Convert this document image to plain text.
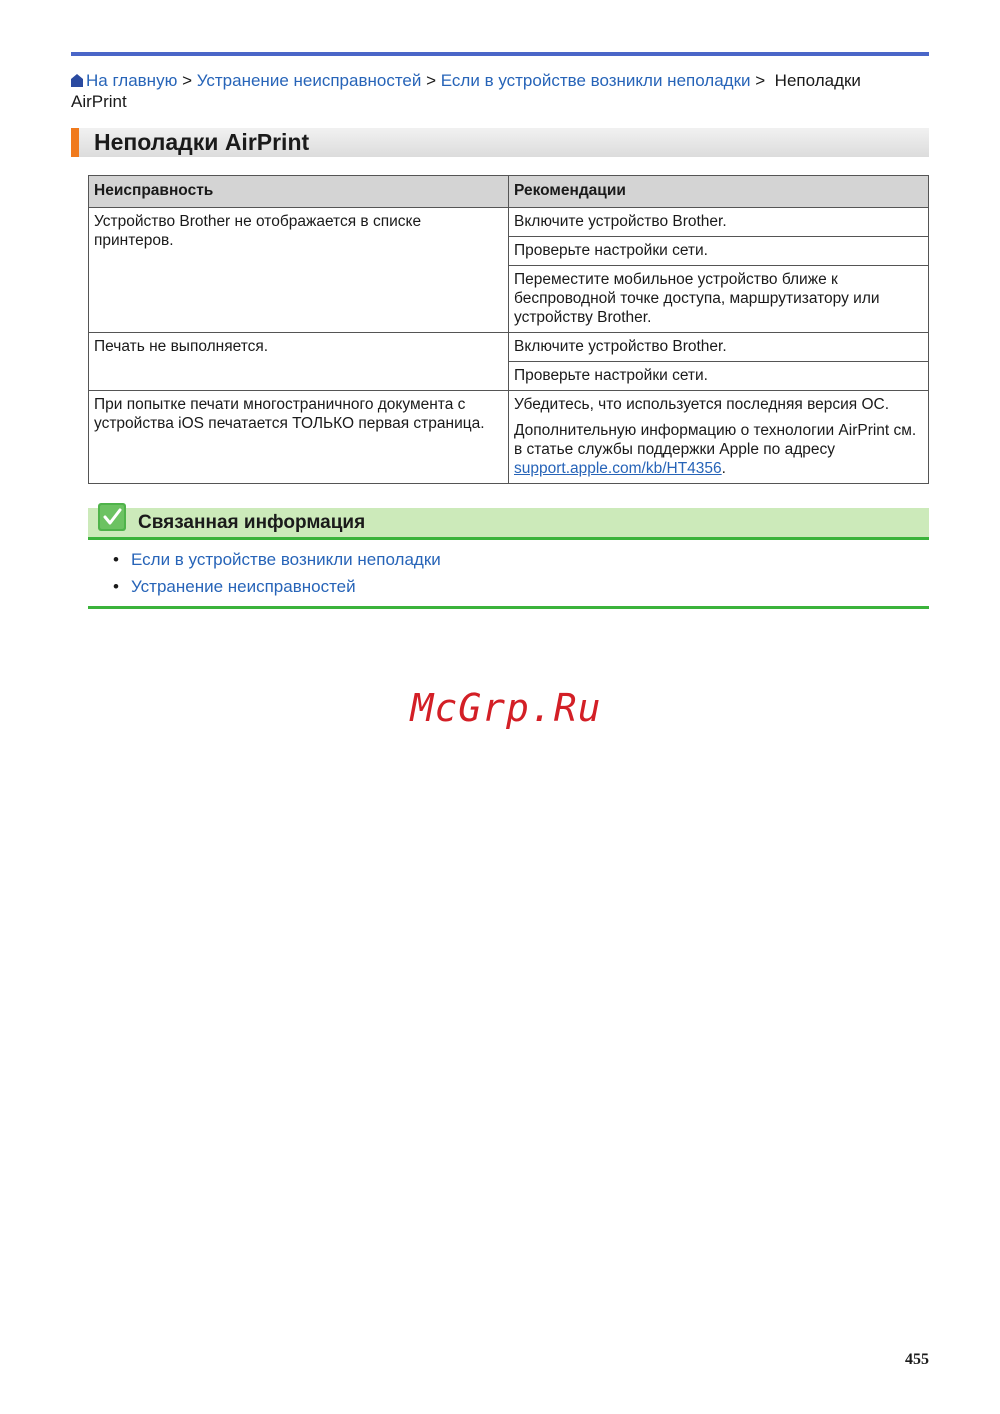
На главную > Устранение неисправностей > Если в устройстве возникли неполадки > Неполадки AirPrint
Неполадки AirPrint
Неисправность	Рекомендации
Устройство Brother не отображается в списке принтеров.	Включите устройство Brother.
	Проверьте настройки сети.
	Переместите мобильное устройство ближе к беспроводной точке доступа, маршрутизатору или устройству Brother.
Печать не выполняется.	Включите устройство Brother.
	Проверьте настройки сети.
При попытке печати многостраничного документа с устройства iOS печатается ТОЛЬКО первая страница.	Убедитесь, что используется последняя версия ОС.
Дополнительную информацию о технологии AirPrint см. в статье службы поддержки Apple по адресу support.apple.com/kb/HT4356.
Связанная информация
• Если в устройстве возникли неполадки
• Устранение неисправностей
McGrp.Ru
455
